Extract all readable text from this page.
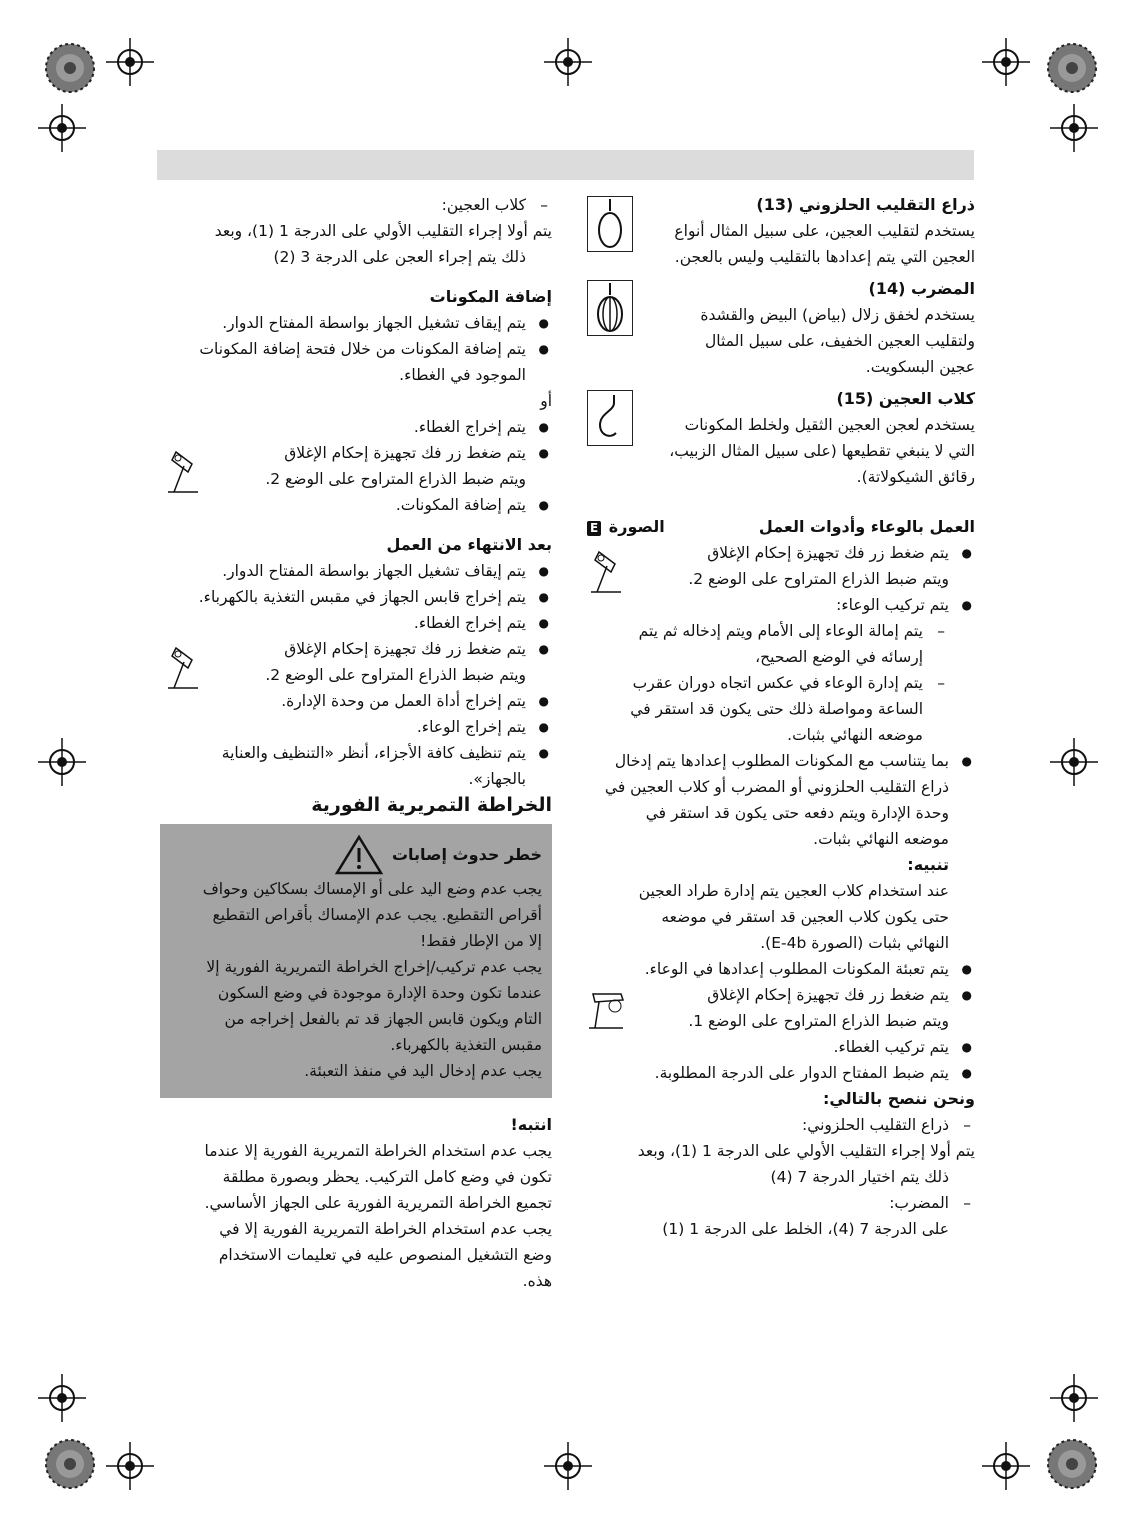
ذراع التقليب الحلزوني (13)

يستخدم لتقليب العجين، على سبيل المثال أنواع

العجين التي يتم إعدادها بالتقليب وليس بالعجن.

المضرب (14)

يستخدم لخفق زلال (بياض) البيض والقشدة

ولتقليب العجين الخفيف، على سبيل المثال

عجين البسكويت.

كلاب العجين (15)

يستخدم لعجن العجين الثقيل ولخلط المكونات

التي لا ينبغي تقطيعها (على سبيل المثال الزبيب،

رقائق الشيكولاتة).

العمل بالوعاء وأدوات العمل
الصورة E

● يتم ضغط زر فك تجهيزة إحكام الإغلاق

ويتم ضبط الذراع المتراوح على الوضع 2.

● يتم تركيب الوعاء:

– يتم إمالة الوعاء إلى الأمام ويتم إدخاله ثم يتم

إرسائه في الوضع الصحيح،

– يتم إدارة الوعاء في عكس اتجاه دوران عقرب

الساعة ومواصلة ذلك حتى يكون قد استقر في

موضعه النهائي بثبات.

● بما يتناسب مع المكونات المطلوب إعدادها يتم إدخال

ذراع التقليب الحلزوني أو المضرب أو كلاب العجين في

وحدة الإدارة ويتم دفعه حتى يكون قد استقر في

موضعه النهائي بثبات.

تنبيه:

عند استخدام كلاب العجين يتم إدارة طراد العجين

حتى يكون كلاب العجين قد استقر في موضعه

النهائي بثبات (الصورة E-4b).

● يتم تعبئة المكونات المطلوب إعدادها في الوعاء.

● يتم ضغط زر فك تجهيزة إحكام الإغلاق

ويتم ضبط الذراع المتراوح على الوضع 1.

● يتم تركيب الغطاء.

● يتم ضبط المفتاح الدوار على الدرجة المطلوبة.

ونحن ننصح بالتالي:

– ذراع التقليب الحلزوني:

يتم أولا إجراء التقليب الأولي على الدرجة 1 (1)، وبعد

ذلك يتم اختيار الدرجة 7 (4)

– المضرب:

على الدرجة 7 (4)، الخلط على الدرجة 1 (1)

– كلاب العجين:

يتم أولا إجراء التقليب الأولي على الدرجة 1 (1)، وبعد

ذلك يتم إجراء العجن على الدرجة 3 (2)

إضافة المكونات

● يتم إيقاف تشغيل الجهاز بواسطة المفتاح الدوار.

● يتم إضافة المكونات من خلال فتحة إضافة المكونات

الموجود في الغطاء.

أو

● يتم إخراج الغطاء.

● يتم ضغط زر فك تجهيزة إحكام الإغلاق

ويتم ضبط الذراع المتراوح على الوضع 2.

● يتم إضافة المكونات.

بعد الانتهاء من العمل

● يتم إيقاف تشغيل الجهاز بواسطة المفتاح الدوار.

● يتم إخراج قابس الجهاز في مقبس التغذية بالكهرباء.

● يتم إخراج الغطاء.

● يتم ضغط زر فك تجهيزة إحكام الإغلاق

ويتم ضبط الذراع المتراوح على الوضع 2.

● يتم إخراج أداة العمل من وحدة الإدارة.

● يتم إخراج الوعاء.

● يتم تنظيف كافة الأجزاء، أنظر «التنظيف والعناية

بالجهاز».

الخراطة التمريرية الفورية

خطر حدوث إصابات

يجب عدم وضع اليد على أو الإمساك بسكاكين وحواف

أقراص التقطيع. يجب عدم الإمساك بأقراص التقطيع

إلا من الإطار فقط!

يجب عدم تركيب/إخراج الخراطة التمريرية الفورية إلا

عندما تكون وحدة الإدارة موجودة في وضع السكون

التام ويكون قابس الجهاز قد تم بالفعل إخراجه من

مقبس التغذية بالكهرباء.

يجب عدم إدخال اليد في منفذ التعبئة.

انتبه!

يجب عدم استخدام الخراطة التمريرية الفورية إلا عندما

تكون في وضع كامل التركيب. يحظر وبصورة مطلقة

تجميع الخراطة التمريرية الفورية على الجهاز الأساسي.

يجب عدم استخدام الخراطة التمريرية الفورية إلا في

وضع التشغيل المنصوص عليه في تعليمات الاستخدام

هذه.
